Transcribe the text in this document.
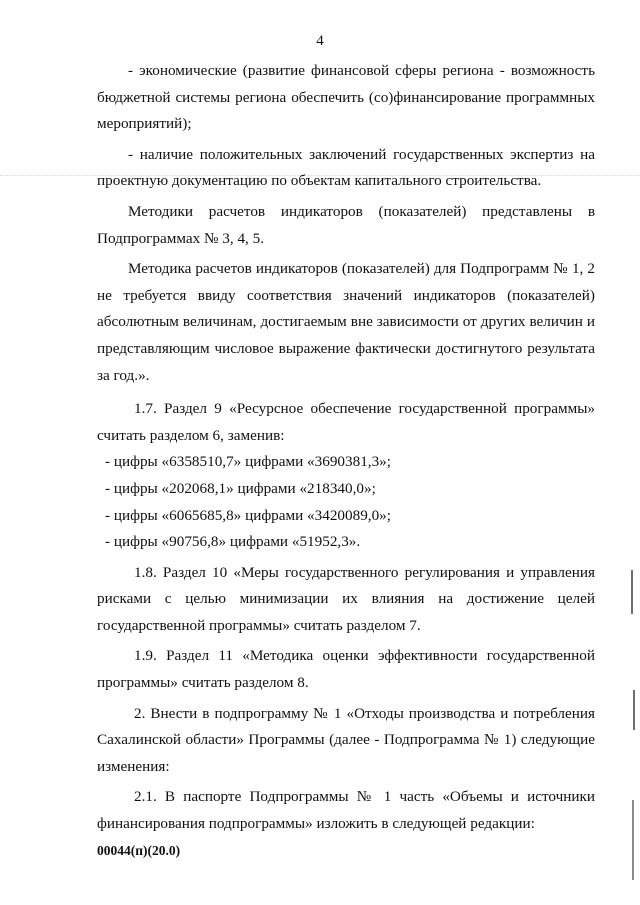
4

- экономические (развитие финансовой сферы региона - возможность бюджетной системы региона обеспечить (со)финансирование программных мероприятий);

- наличие положительных заключений государственных экспертиз на проектную документацию по объектам капитального строительства.

Методики расчетов индикаторов (показателей) представлены в Подпрограммах № 3, 4, 5.

Методика расчетов индикаторов (показателей) для Подпрограмм № 1, 2 не требуется ввиду соответствия значений индикаторов (показателей) абсолютным величинам, достигаемым вне зависимости от других величин и представляющим числовое выражение фактически достигнутого результата за год.».

1.7. Раздел 9 «Ресурсное обеспечение государственной программы» считать разделом 6, заменив:

- цифры «6358510,7» цифрами «3690381,3»;

- цифры «202068,1» цифрами «218340,0»;

- цифры «6065685,8» цифрами «3420089,0»;

- цифры «90756,8» цифрами «51952,3».

1.8. Раздел 10 «Меры государственного регулирования и управления рисками с целью минимизации их влияния на достижение целей государственной программы» считать разделом 7.

1.9. Раздел 11 «Методика оценки эффективности государственной программы» считать разделом 8.

2. Внести в подпрограмму № 1 «Отходы производства и потребления Сахалинской области» Программы (далее - Подпрограмма № 1) следующие изменения:

2.1. В паспорте Подпрограммы № 1 часть «Объемы и источники финансирования подпрограммы» изложить в следующей редакции:

00044(п)(20.0)
